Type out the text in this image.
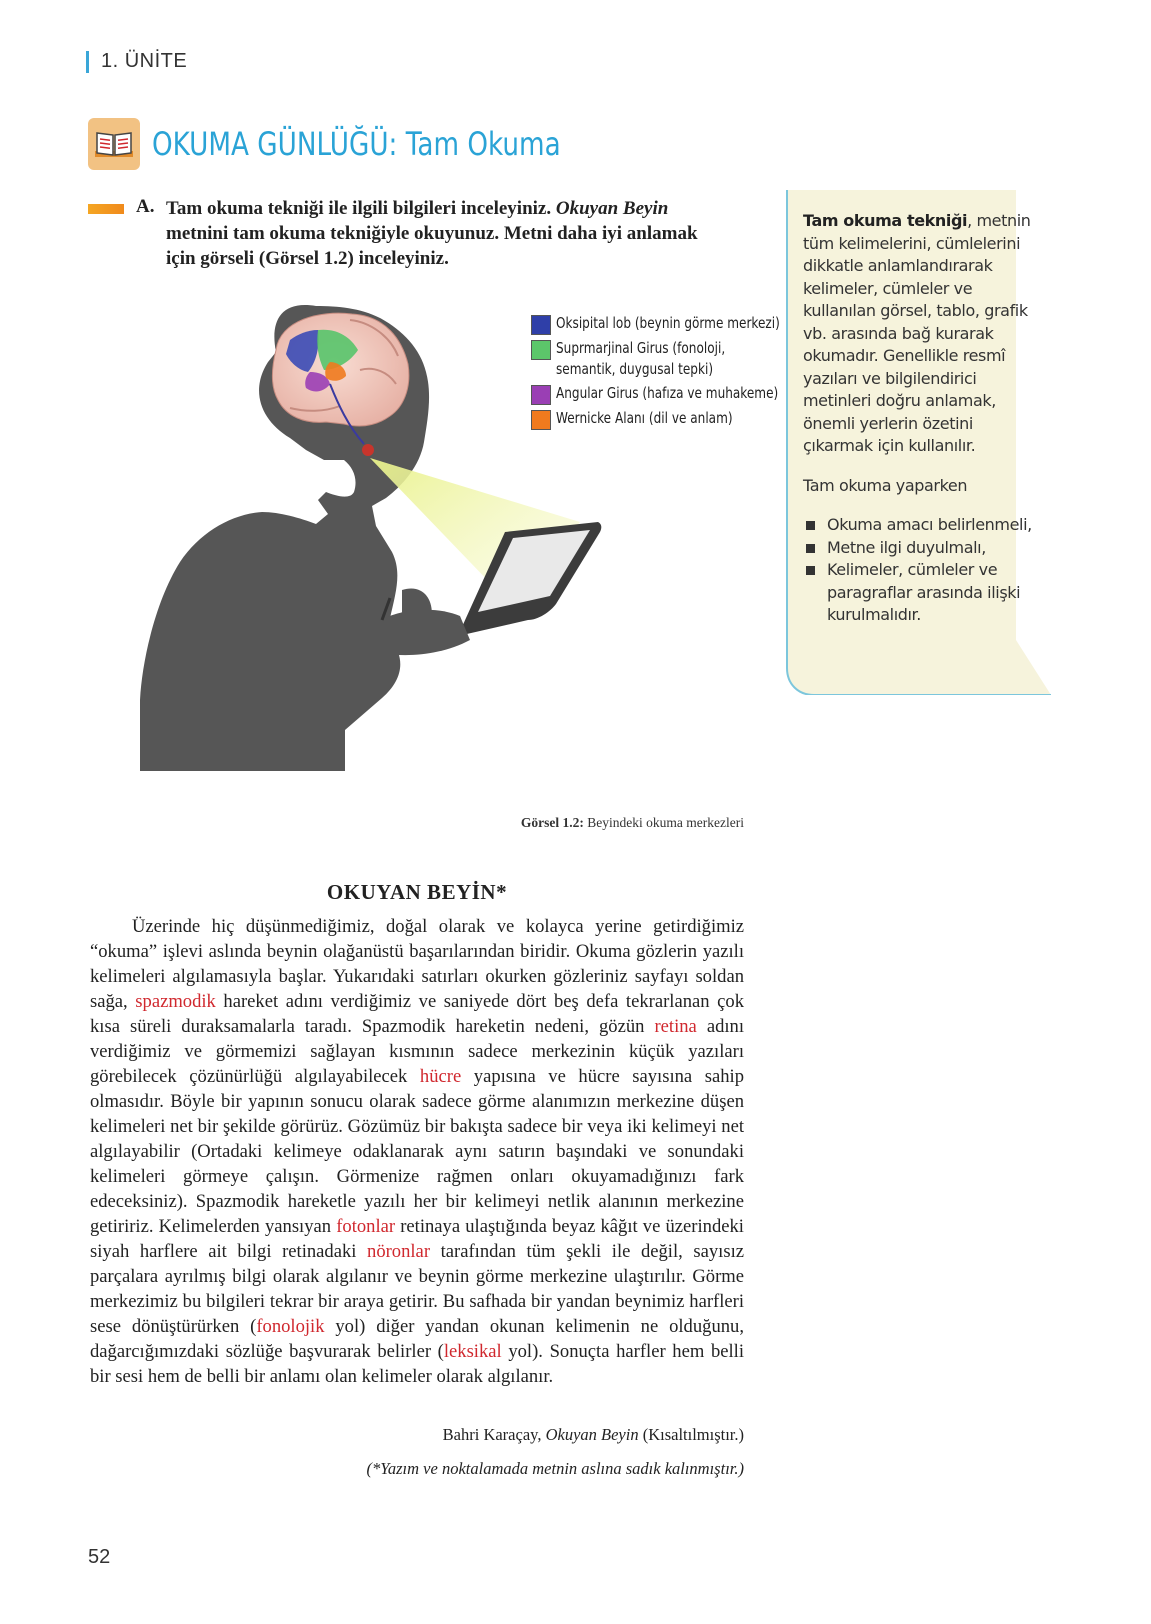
1. ÜNİTE
OKUMA GÜNLÜĞÜ: Tam Okuma
A. Tam okuma tekniği ile ilgili bilgileri inceleyiniz. Okuyan Beyin metnini tam okuma tekniğiyle okuyunuz. Metni daha iyi anlamak için görseli (Görsel 1.2) inceleyiniz.
Oksipital lob (beynin görme merkezi)
Suprmarjinal Girus (fonoloji, semantik, duygusal tepki)
Angular Girus (hafıza ve muhakeme)
Wernicke Alanı (dil ve anlam)
Görsel 1.2: Beyindeki okuma merkezleri

Tam okuma tekniği, metnin tüm kelimelerini, cümlelerini dikkatle anlamlandırarak kelimeler, cümleler ve kullanılan görsel, tablo, grafik vb. arasında bağ kurarak okumadır. Genellikle resmî yazıları ve bilgilendirici metinleri doğru anlamak, önemli yerlerin özetini çıkarmak için kullanılır.

Tam okuma yaparken

Okuma amacı belirlenmeli,
Metne ilgi duyulmalı,
Kelimeler, cümleler ve paragraflar arasında ilişki kurulmalıdır.
OKUYAN BEYİN*

Üzerinde hiç düşünmediğimiz, doğal olarak ve kolayca yerine getirdiğimiz “okuma” işlevi aslında beynin olağanüstü başarılarından biridir. Okuma gözlerin yazılı kelimeleri algılamasıyla başlar. Yukarıdaki satırları okurken gözleriniz sayfayı soldan sağa, spazmodik hareket adını verdiğimiz ve saniyede dört beş defa tekrarlanan çok kısa süreli duraksamalarla taradı. Spazmodik hareketin nedeni, gözün retina adını verdiğimiz ve görmemizi sağlayan kısmının sadece merkezinin küçük yazıları görebilecek çözünürlüğü algılayabilecek hücre yapısına ve hücre sayısına sahip olmasıdır. Böyle bir yapının sonucu olarak sadece görme alanımızın merkezine düşen kelimeleri net bir şekilde görürüz. Gözümüz bir bakışta sadece bir veya iki kelimeyi net algılayabilir (Ortadaki kelimeye odaklanarak aynı satırın başındaki ve sonundaki kelimeleri görmeye çalışın. Görmenize rağmen onları okuyamadığınızı fark edeceksiniz). Spazmodik hareketle yazılı her bir kelimeyi netlik alanının merkezine getiririz. Kelimelerden yansıyan fotonlar retinaya ulaştığında beyaz kâğıt ve üzerindeki siyah harflere ait bilgi retinadaki nöronlar tarafından tüm şekli ile değil, sayısız parçalara ayrılmış bilgi olarak algılanır ve beynin görme merkezine ulaştırılır. Görme merkezimiz bu bilgileri tekrar bir araya getirir. Bu safhada bir yandan beynimiz harfleri sese dönüştürürken (fonolojik yol) diğer yandan okunan kelimenin ne olduğunu, dağarcığımızdaki sözlüğe başvurarak belirler (leksikal yol). Sonuçta harfler hem belli bir sesi hem de belli bir anlamı olan kelimeler olarak algılanır.

Bahri Karaçay, Okuyan Beyin (Kısaltılmıştır.)
(*Yazım ve noktalamada metnin aslına sadık kalınmıştır.)
52
